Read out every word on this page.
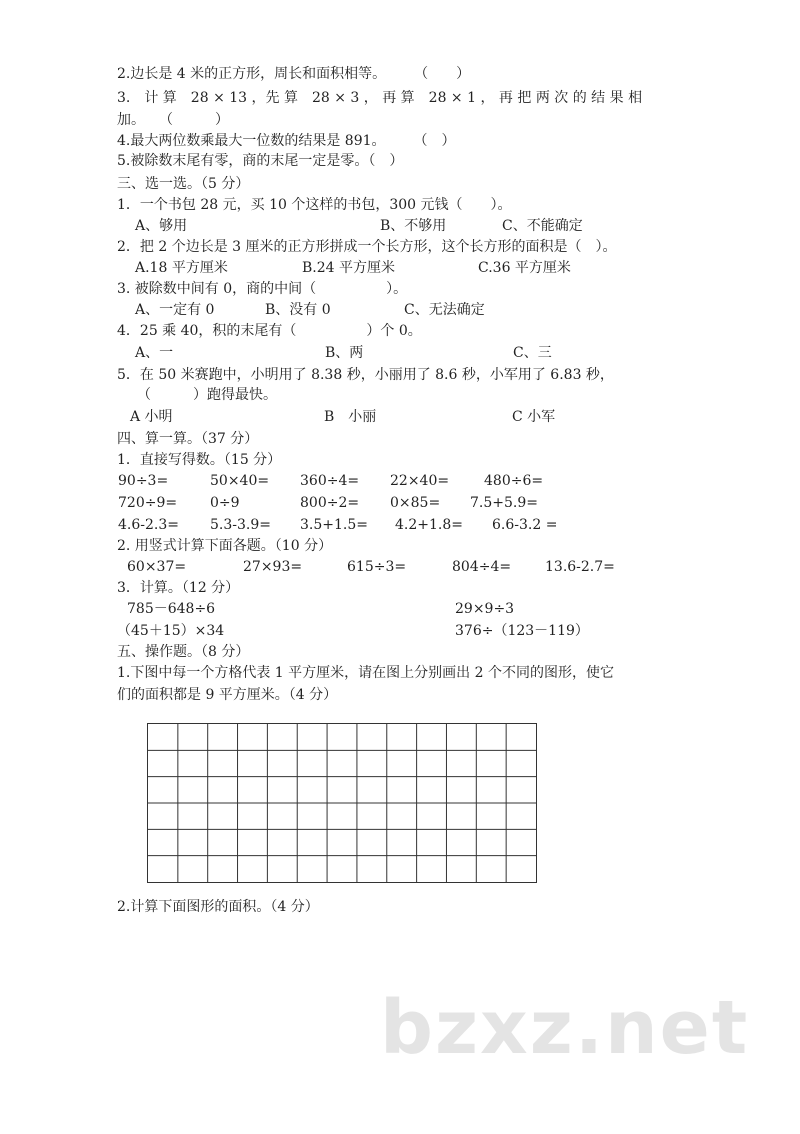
2.边长是 4 米的正方形，周长和面积相等。　　　（　　）
3.　计 算　28 × 13 ，先 算　28 × 3 ， 再 算　28 × 1 ， 再 把 两 次 的 结 果 相
加。　　（　　　）
4.最大两位数乘最大一位数的结果是 891。　　　（　）
5.被除数末尾有零，商的末尾一定是零。（　）
三、选一选。（5 分）
1．一个书包 28 元，买 10 个这样的书包，300 元钱（　　）。
A、够用	B、不够用	C、不能确定
2．把 2 个边长是 3 厘米的正方形拼成一个长方形，这个长方形的面积是（　）。
A.18 平方厘米	B.24 平方厘米	C.36 平方厘米
3. 被除数中间有 0，商的中间（　　　　　）。
A、一定有 0	B、没有 0	C、无法确定
4．25 乘 40，积的末尾有（　　　　　）个 0。
A、一	B、两	C、三
5．在 50 米赛跑中，小明用了 8.38 秒，小丽用了 8.6 秒，小军用了 6.83 秒，
（　　　）跑得最快。
A 小明	B　小丽	C 小军
四、算一算。（37 分）
1．直接写得数。（15 分）
90÷3=	50×40= 360÷4= 22×40= 480÷6=
720÷9= 0÷9	800÷2= 0×85= 7.5+5.9=
4.6-2.3= 5.3-3.9= 3.5+1.5= 4.2+1.8= 6.6-3.2 =
2. 用竖式计算下面各题。（10 分）
60×37=	27×93=	615÷3=	804÷4= 13.6-2.7=
3．计算。（12 分）
785－648÷6	29×9÷3
（45＋15）×34	376÷（123－119）
五、操作题。（8 分）
1.下图中每一个方格代表 1 平方厘米，请在图上分别画出 2 个不同的图形，使它
们的面积都是 9 平方厘米。（4 分）
2.计算下面图形的面积。（4 分）
bzxz.net
